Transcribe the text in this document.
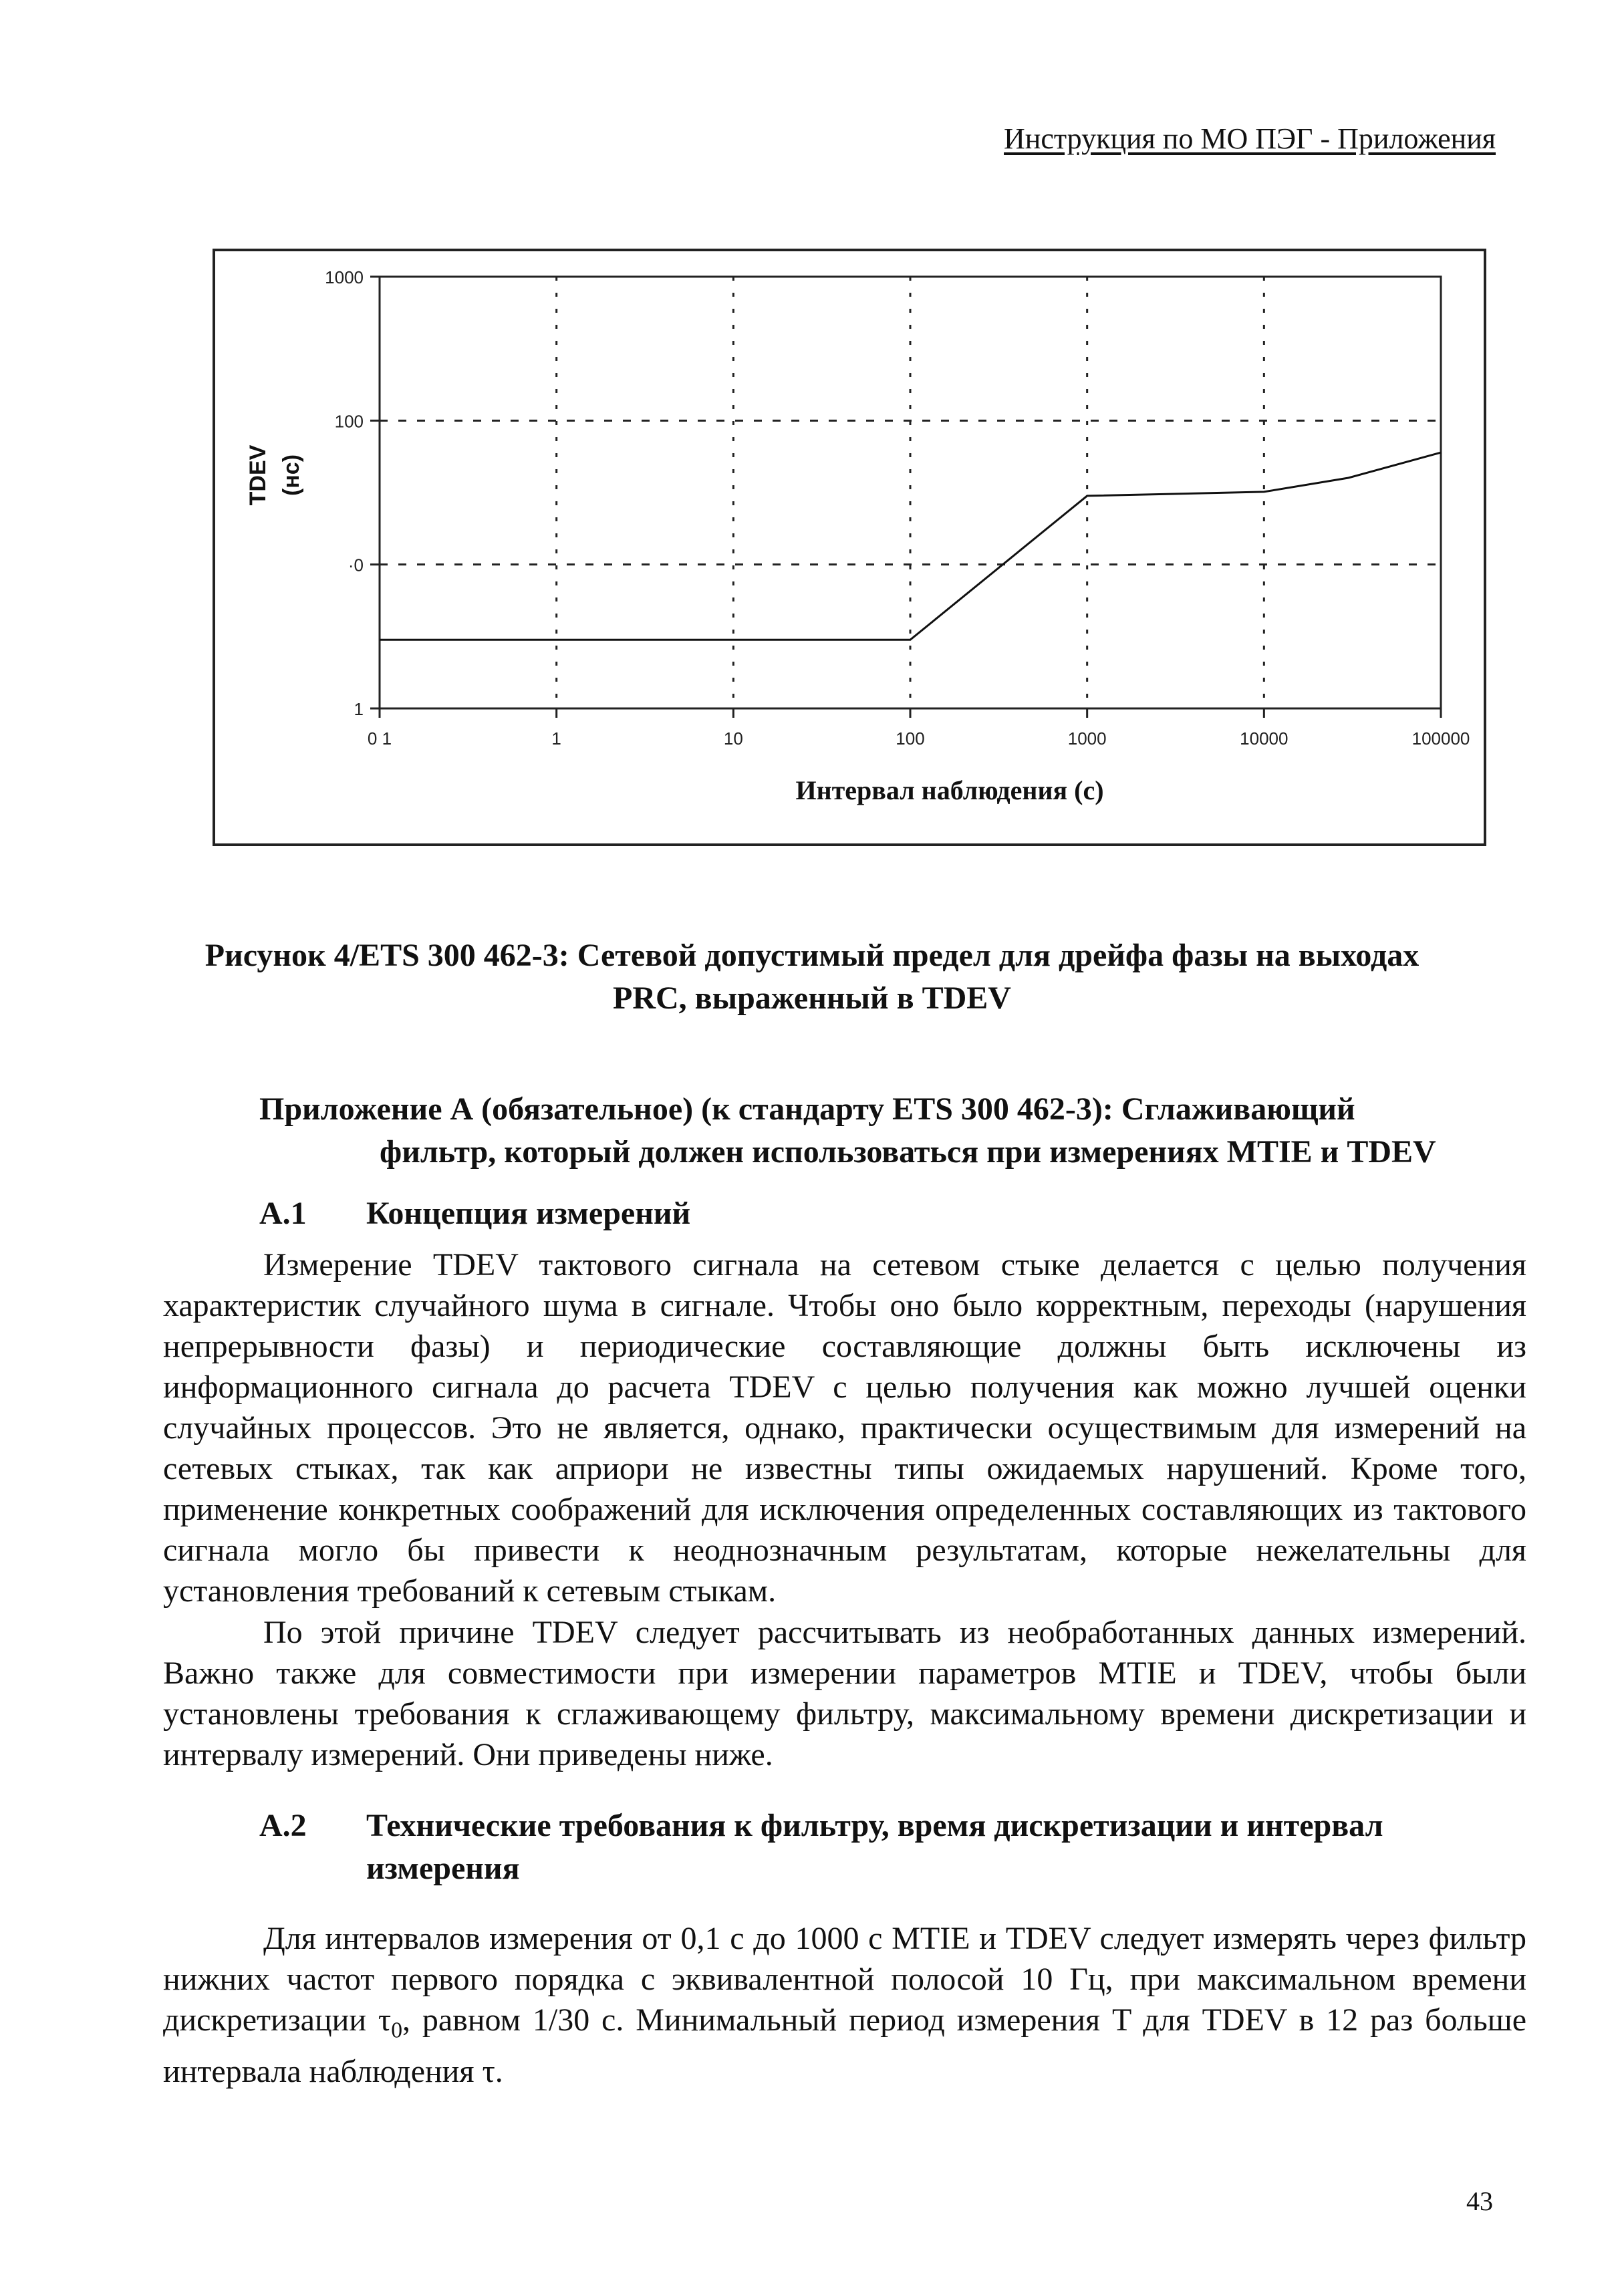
Инструкция по МО ПЭГ - Приложения
0 1	1	10	100	1000	10000	100000
1
·0
100
1000
Интервал наблюдения (с)
TDEV (нс)
Рисунок 4/ETS 300 462-3: Сетевой допустимый предел для дрейфа фазы на выходах
PRC, выраженный в TDEV
Приложение А (обязательное) (к стандарту ETS 300 462-3): Сглаживающий
фильтр, который должен использоваться при измерениях MTIE и TDEV
А.1 Концепция измерений

Измерение TDEV тактового сигнала на сетевом стыке делается с целью получения характеристик случайного шума в сигнале. Чтобы оно было корректным, переходы (нарушения непрерывности фазы) и периодические составляющие должны быть исключены из информационного сигнала до расчета TDEV с целью получения как можно лучшей оценки случайных процессов. Это не является, однако, практически осуществимым для измерений на сетевых стыках, так как априори не известны типы ожидаемых нарушений. Кроме того, применение конкретных соображений для исключения определенных составляющих из тактового сигнала могло бы привести к неоднозначным результатам, которые нежелательны для установления требований к сетевым стыкам.

По этой причине TDEV следует рассчитывать из необработанных данных измерений. Важно также для совместимости при измерении параметров MTIE и TDEV, чтобы были установлены требования к сглаживающему фильтру, максимальному времени дискретизации и интервалу измерений. Они приведены ниже.

А.2	Технические требования к фильтру, время дискретизации и интервал измерения

Для интервалов измерения от 0,1 с до 1000 с MTIE и TDEV следует измерять через фильтр нижних частот первого порядка с эквивалентной полосой 10 Гц, при максимальном времени дискретизации $\tau_0$, равном 1/30 с. Минимальный период измерения T для TDEV в 12 раз больше интервала наблюдения τ.

43
